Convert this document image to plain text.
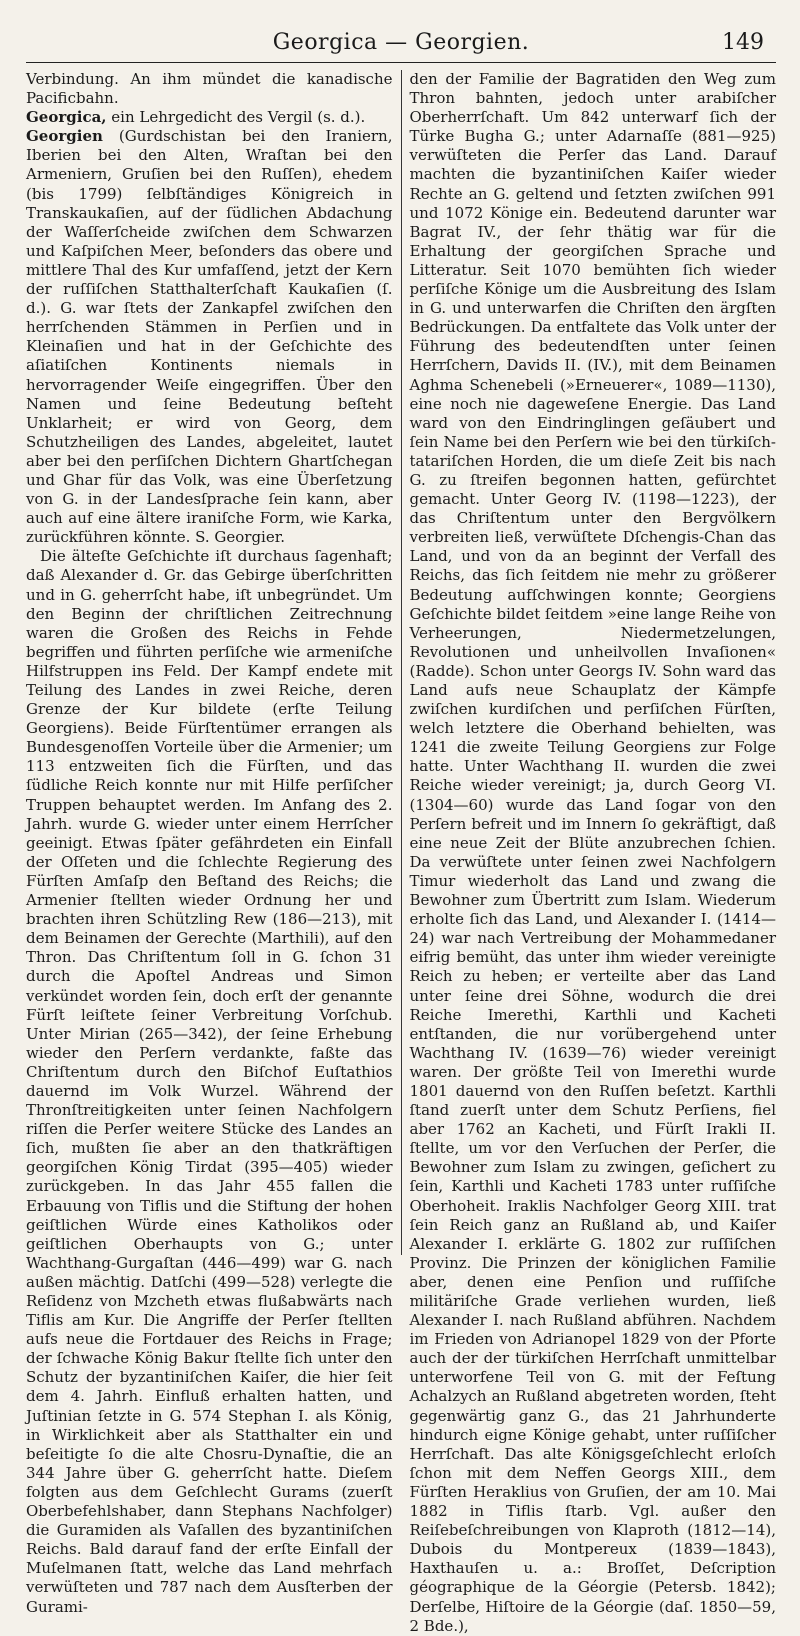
Georgica — Georgien.	149

Verbindung. An ihm mündet die kanadische Pacificbahn.

Georgica, ein Lehrgedicht des Vergil (s. d.).

Georgien (Gurdschistan bei den Iraniern, Iberien bei den Alten, Wraſtan bei den Armeniern, Gruſien bei den Ruſſen), ehedem (bis 1799) ſelbſtändiges Königreich in Transkaukaſien, auf der ſüdlichen Abdachung der Waſſerſcheide zwiſchen dem Schwarzen und Kaſpiſchen Meer, beſonders das obere und mittlere Thal des Kur umfaſſend, jetzt der Kern der ruſſiſchen Statthalterſchaft Kaukaſien (ſ. d.). G. war ſtets der Zankapfel zwiſchen den herrſchenden Stämmen in Perſien und in Kleinaſien und hat in der Geſchichte des aſiatiſchen Kontinents niemals in hervorragender Weiſe eingegriffen. Über den Namen und ſeine Bedeutung beſteht Unklarheit; er wird von Georg, dem Schutzheiligen des Landes, abgeleitet, lautet aber bei den perſiſchen Dichtern Ghartſchegan und Ghar für das Volk, was eine Überſetzung von G. in der Landesſprache ſein kann, aber auch auf eine ältere iraniſche Form, wie Karka, zurückführen könnte. S. Georgier.

Die älteſte Geſchichte iſt durchaus ſagenhaft; daß Alexander d. Gr. das Gebirge überſchritten und in G. geherrſcht habe, iſt unbegründet. Um den Beginn der chriſtlichen Zeitrechnung waren die Großen des Reichs in Fehde begriffen und führten perſiſche wie armeniſche Hilfstruppen ins Feld. Der Kampf endete mit Teilung des Landes in zwei Reiche, deren Grenze der Kur bildete (erſte Teilung Georgiens). Beide Fürſtentümer errangen als Bundesgenoſſen Vorteile über die Armenier; um 113 entzweiten ſich die Fürſten, und das ſüdliche Reich konnte nur mit Hilfe perſiſcher Truppen behauptet werden. Im Anfang des 2. Jahrh. wurde G. wieder unter einem Herrſcher geeinigt. Etwas ſpäter gefährdeten ein Einfall der Oſſeten und die ſchlechte Regierung des Fürſten Amſaſp den Beſtand des Reichs; die Armenier ſtellten wieder Ordnung her und brachten ihren Schützling Rew (186—213), mit dem Beinamen der Gerechte (Marthili), auf den Thron. Das Chriſtentum ſoll in G. ſchon 31 durch die Apoſtel Andreas und Simon verkündet worden ſein, doch erſt der genannte Fürſt leiſtete ſeiner Verbreitung Vorſchub. Unter Mirian (265—342), der ſeine Erhebung wieder den Perſern verdankte, faßte das Chriſtentum durch den Biſchof Euſtathios dauernd im Volk Wurzel. Während der Thronſtreitigkeiten unter ſeinen Nachfolgern riſſen die Perſer weitere Stücke des Landes an ſich, mußten ſie aber an den thatkräftigen georgiſchen König Tirdat (395—405) wieder zurückgeben. In das Jahr 455 fallen die Erbauung von Tiflis und die Stiftung der hohen geiſtlichen Würde eines Katholikos oder geiſtlichen Oberhaupts von G.; unter Wachthang-Gurgaſtan (446—499) war G. nach außen mächtig. Datſchi (499—528) verlegte die Reſidenz von Mzcheth etwas flußabwärts nach Tiflis am Kur. Die Angriffe der Perſer ſtellten aufs neue die Fortdauer des Reichs in Frage; der ſchwache König Bakur ſtellte ſich unter den Schutz der byzantiniſchen Kaiſer, die hier ſeit dem 4. Jahrh. Einfluß erhalten hatten, und Juſtinian ſetzte in G. 574 Stephan I. als König, in Wirklichkeit aber als Statthalter ein und beſeitigte ſo die alte Chosru-Dynaſtie, die an 344 Jahre über G. geherrſcht hatte. Dieſem folgten aus dem Geſchlecht Gurams (zuerſt Oberbefehlshaber, dann Stephans Nachfolger) die Guramiden als Vaſallen des byzantiniſchen Reichs. Bald darauf fand der erſte Einfall der Muſelmanen ſtatt, welche das Land mehrfach verwüſteten und 787 nach dem Ausſterben der Gurami-

den der Familie der Bagratiden den Weg zum Thron bahnten, jedoch unter arabiſcher Oberherrſchaft. Um 842 unterwarf ſich der Türke Bugha G.; unter Adarnaſſe (881—925) verwüſteten die Perſer das Land. Darauf machten die byzantiniſchen Kaiſer wieder Rechte an G. geltend und ſetzten zwiſchen 991 und 1072 Könige ein. Bedeutend darunter war Bagrat IV., der ſehr thätig war für die Erhaltung der georgiſchen Sprache und Litteratur. Seit 1070 bemühten ſich wieder perſiſche Könige um die Ausbreitung des Islam in G. und unterwarfen die Chriſten den ärgſten Bedrückungen. Da entfaltete das Volk unter der Führung des bedeutendſten unter ſeinen Herrſchern, Davids II. (IV.), mit dem Beinamen Aghma Schenebeli (»Erneuerer«, 1089—1130), eine noch nie dageweſene Energie. Das Land ward von den Eindringlingen geſäubert und ſein Name bei den Perſern wie bei den türkiſch-tatariſchen Horden, die um dieſe Zeit bis nach G. zu ſtreifen begonnen hatten, gefürchtet gemacht. Unter Georg IV. (1198—1223), der das Chriſtentum unter den Bergvölkern verbreiten ließ, verwüſtete Dſchengis-Chan das Land, und von da an beginnt der Verfall des Reichs, das ſich ſeitdem nie mehr zu größerer Bedeutung aufſchwingen konnte; Georgiens Geſchichte bildet ſeitdem »eine lange Reihe von Verheerungen, Niedermetzelungen, Revolutionen und unheilvollen Invaſionen« (Radde). Schon unter Georgs IV. Sohn ward das Land aufs neue Schauplatz der Kämpfe zwiſchen kurdiſchen und perſiſchen Fürſten, welch letztere die Oberhand behielten, was 1241 die zweite Teilung Georgiens zur Folge hatte. Unter Wachthang II. wurden die zwei Reiche wieder vereinigt; ja, durch Georg VI. (1304—60) wurde das Land ſogar von den Perſern befreit und im Innern ſo gekräftigt, daß eine neue Zeit der Blüte anzubrechen ſchien. Da verwüſtete unter ſeinen zwei Nachfolgern Timur wiederholt das Land und zwang die Bewohner zum Übertritt zum Islam. Wiederum erholte ſich das Land, und Alexander I. (1414—24) war nach Vertreibung der Mohammedaner eifrig bemüht, das unter ihm wieder vereinigte Reich zu heben; er verteilte aber das Land unter ſeine drei Söhne, wodurch die drei Reiche Imerethi, Karthli und Kacheti entſtanden, die nur vorübergehend unter Wachthang IV. (1639—76) wieder vereinigt waren. Der größte Teil von Imerethi wurde 1801 dauernd von den Ruſſen beſetzt. Karthli ſtand zuerſt unter dem Schutz Perſiens, fiel aber 1762 an Kacheti, und Fürſt Irakli II. ſtellte, um vor den Verſuchen der Perſer, die Bewohner zum Islam zu zwingen, geſichert zu ſein, Karthli und Kacheti 1783 unter ruſſiſche Oberhoheit. Iraklis Nachfolger Georg XIII. trat ſein Reich ganz an Rußland ab, und Kaiſer Alexander I. erklärte G. 1802 zur ruſſiſchen Provinz. Die Prinzen der königlichen Familie aber, denen eine Penſion und ruſſiſche militäriſche Grade verliehen wurden, ließ Alexander I. nach Rußland abführen. Nachdem im Frieden von Adrianopel 1829 von der Pforte auch der der türkiſchen Herrſchaft unmittelbar unterworfene Teil von G. mit der Feſtung Achalzych an Rußland abgetreten worden, ſteht gegenwärtig ganz G., das 21 Jahrhunderte hindurch eigne Könige gehabt, unter ruſſiſcher Herrſchaft. Das alte Königsgeſchlecht erloſch ſchon mit dem Neffen Georgs XIII., dem Fürſten Heraklius von Gruſien, der am 10. Mai 1882 in Tiflis ſtarb. Vgl. außer den Reiſebeſchreibungen von Klaproth (1812—14), Dubois du Montpereux (1839—1843), Haxthauſen u. a.: Broſſet, Deſcription géographique de la Géorgie (Petersb. 1842); Derſelbe, Hiſtoire de la Géorgie (daſ. 1850—59, 2 Bde.),
